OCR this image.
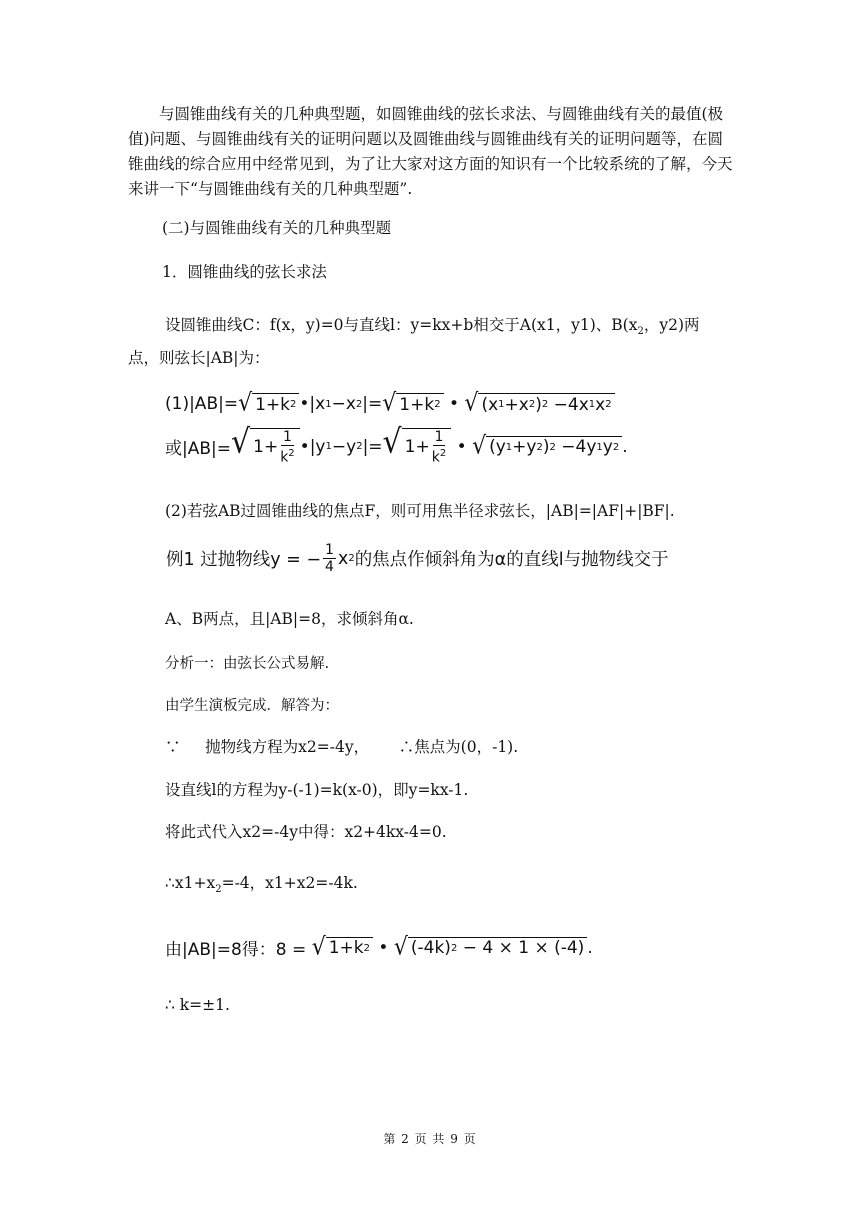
与圆锥曲线有关的几种典型题，如圆锥曲线的弦长求法、与圆锥曲线有关的最值(极值)问题、与圆锥曲线有关的证明问题以及圆锥曲线与圆锥曲线有关的证明问题等，在圆锥曲线的综合应用中经常见到，为了让大家对这方面的知识有一个比较系统的了解，今天来讲一下“与圆锥曲线有关的几种典型题”.

(二)与圆锥曲线有关的几种典型题

1．圆锥曲线的弦长求法

设圆锥曲线C：f(x，y)=0与直线l：y=kx+b相交于A(x1，y1)、$B(x_2$，y2)两

点，则弦长|AB|为：

(1)|AB|= √ 1+k 2 •|x 1 −x 2 |= √ 1+k 2 • √ (x 1 +x 2 ) 2
−4x 1 x 2
或|AB|= √ $1+ \frac{1}{k^2}$ •|y 1 −y 2 |= √ $1+ \frac{1}{k^2}$ • √ (y 1 +y 2 ) 2
−4y 1 y 2 .

(2)若弦AB过圆锥曲线的焦点F，则可用焦半径求弦长，|AB|=|AF|+|BF|.

例1
过抛物线y = − $\frac{1}{4}$ x 2 的焦点作倾斜角为α的直线l与抛物线交于

A、B两点，且|AB|=8，求倾斜角α.

分析一：由弦长公式易解.

由学生演板完成．解答为：

∵ 抛物线方程为x2=-4y， ∴焦点为(0，-1).

设直线l的方程为y-(-1)=k(x-0)，即y=kx-1.

将此式代入x2=-4y中得：x2+4kx-4=0.

$\therefore x1+x_2=-4$，x1+x2=-4k.

由|AB|=8得：8 =
√ 1+k 2
•
√ (-4k) 2
− 4 × 1 × (-4) .

∴ k=±1.

第 2 页 共 9 页
